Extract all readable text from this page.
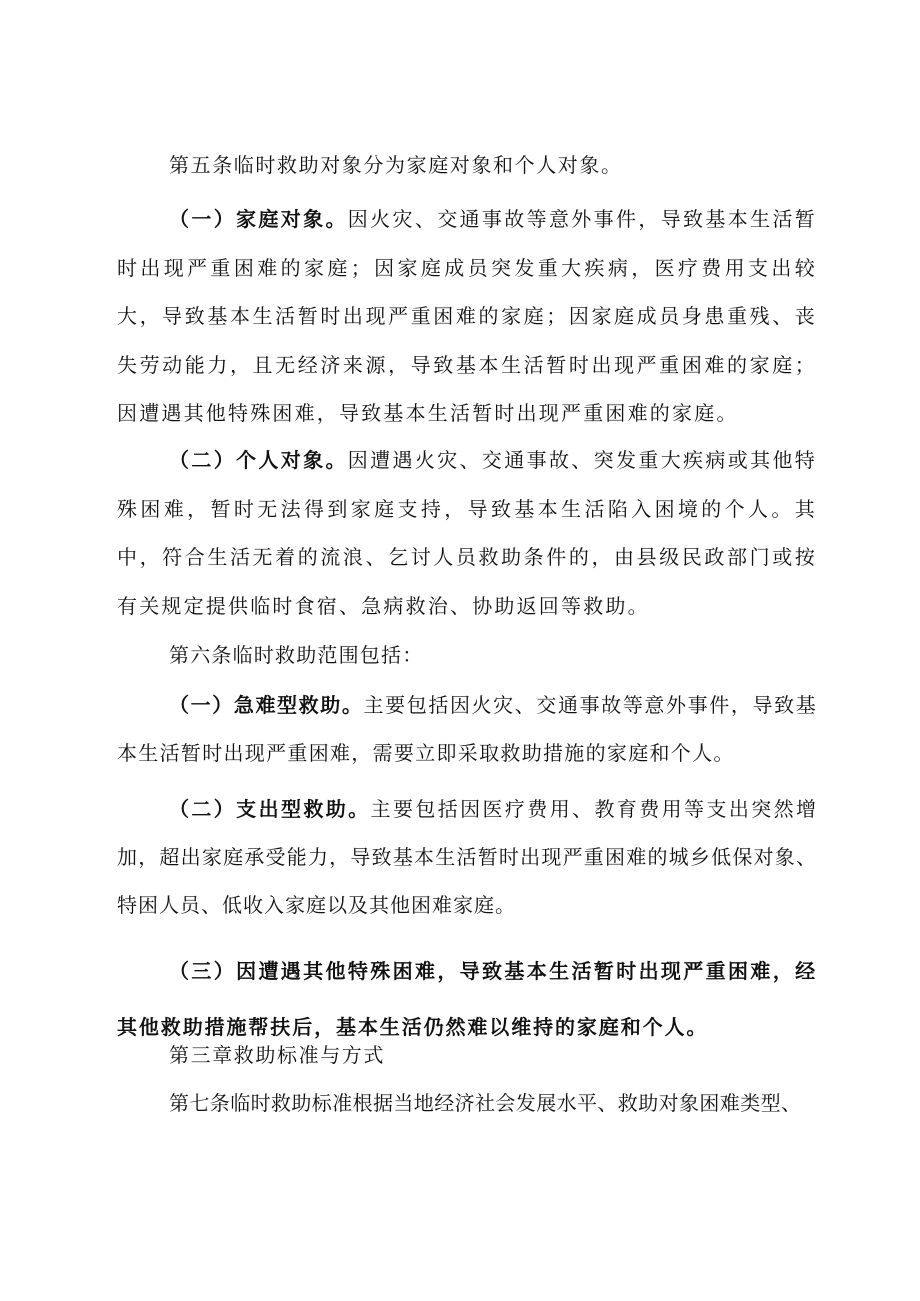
第五条临时救助对象分为家庭对象和个人对象。

（一）家庭对象。因火灾、交通事故等意外事件，导致基本生活暂时出现严重困难的家庭；因家庭成员突发重大疾病，医疗费用支出较大，导致基本生活暂时出现严重困难的家庭；因家庭成员身患重残、丧失劳动能力，且无经济来源，导致基本生活暂时出现严重困难的家庭；因遭遇其他特殊困难，导致基本生活暂时出现严重困难的家庭。

（二）个人对象。因遭遇火灾、交通事故、突发重大疾病或其他特殊困难，暂时无法得到家庭支持，导致基本生活陷入困境的个人。其中，符合生活无着的流浪、乞讨人员救助条件的，由县级民政部门或按有关规定提供临时食宿、急病救治、协助返回等救助。

第六条临时救助范围包括：

（一）急难型救助。主要包括因火灾、交通事故等意外事件，导致基本生活暂时出现严重困难，需要立即采取救助措施的家庭和个人。

（二）支出型救助。主要包括因医疗费用、教育费用等支出突然增加，超出家庭承受能力，导致基本生活暂时出现严重困难的城乡低保对象、特困人员、低收入家庭以及其他困难家庭。

（三）因遭遇其他特殊困难，导致基本生活暂时出现严重困难，经其他救助措施帮扶后，基本生活仍然难以维持的家庭和个人。

第三章救助标准与方式

第七条临时救助标准根据当地经济社会发展水平、救助对象困难类型、
